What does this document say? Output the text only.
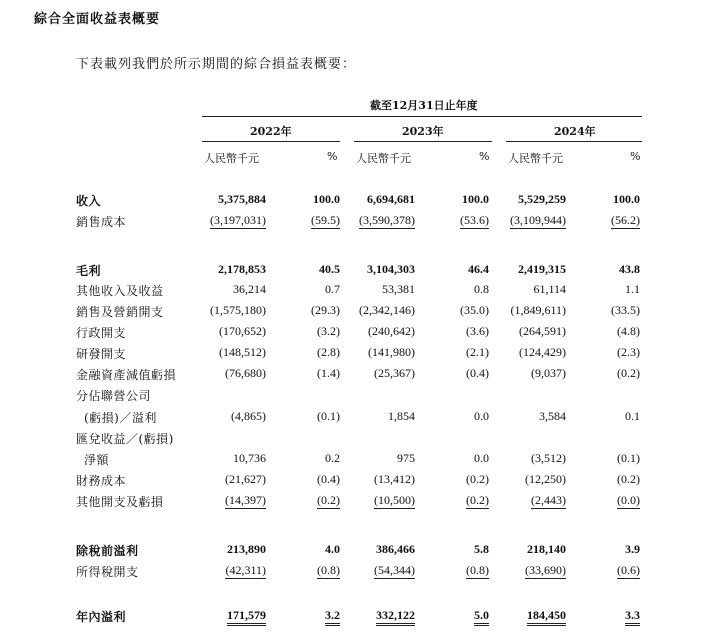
綜合全面收益表概要
下表載列我們於所示期間的綜合損益表概要：
截至12月31日止年度
2022年	2023年	2024年
人民幣千元	% 人民幣千元	% 人民幣千元	%
收入	5,375,884	100.0	6,694,681	100.0	5,529,259	100.0
銷售成本	(3,197,031)	(59.5)	(3,590,378)	(53.6)	(3,109,944)	(56.2)
毛利	2,178,853	40.5	3,104,303	46.4	2,419,315	43.8
其他收入及收益	36,214	0.7	53,381	0.8	61,114	1.1
銷售及營銷開支	(1,575,180)	(29.3)	(2,342,146)	(35.0)	(1,849,611)	(33.5)
行政開支	(170,652)	(3.2)	(240,642)	(3.6)	(264,591)	(4.8)
研發開支	(148,512)	(2.8)	(141,980)	(2.1)	(124,429)	(2.3)
金融資產減值虧損	(76,680)	(1.4)	(25,367)	(0.4)	(9,037)	(0.2)
分佔聯營公司
(虧損)／溢利	(4,865)	(0.1)	1,854	0.0	3,584	0.1
匯兌收益／(虧損)
淨額	10,736	0.2	975	0.0	(3,512)	(0.1)
財務成本	(21,627)	(0.4)	(13,412)	(0.2)	(12,250)	(0.2)
其他開支及虧損	(14,397)	(0.2)	(10,500)	(0.2)	(2,443)	(0.0)
除稅前溢利	213,890	4.0	386,466	5.8	218,140	3.9
所得稅開支	(42,311)	(0.8)	(54,344)	(0.8)	(33,690)	(0.6)
年內溢利	171,579	3.2	332,122	5.0	184,450	3.3
